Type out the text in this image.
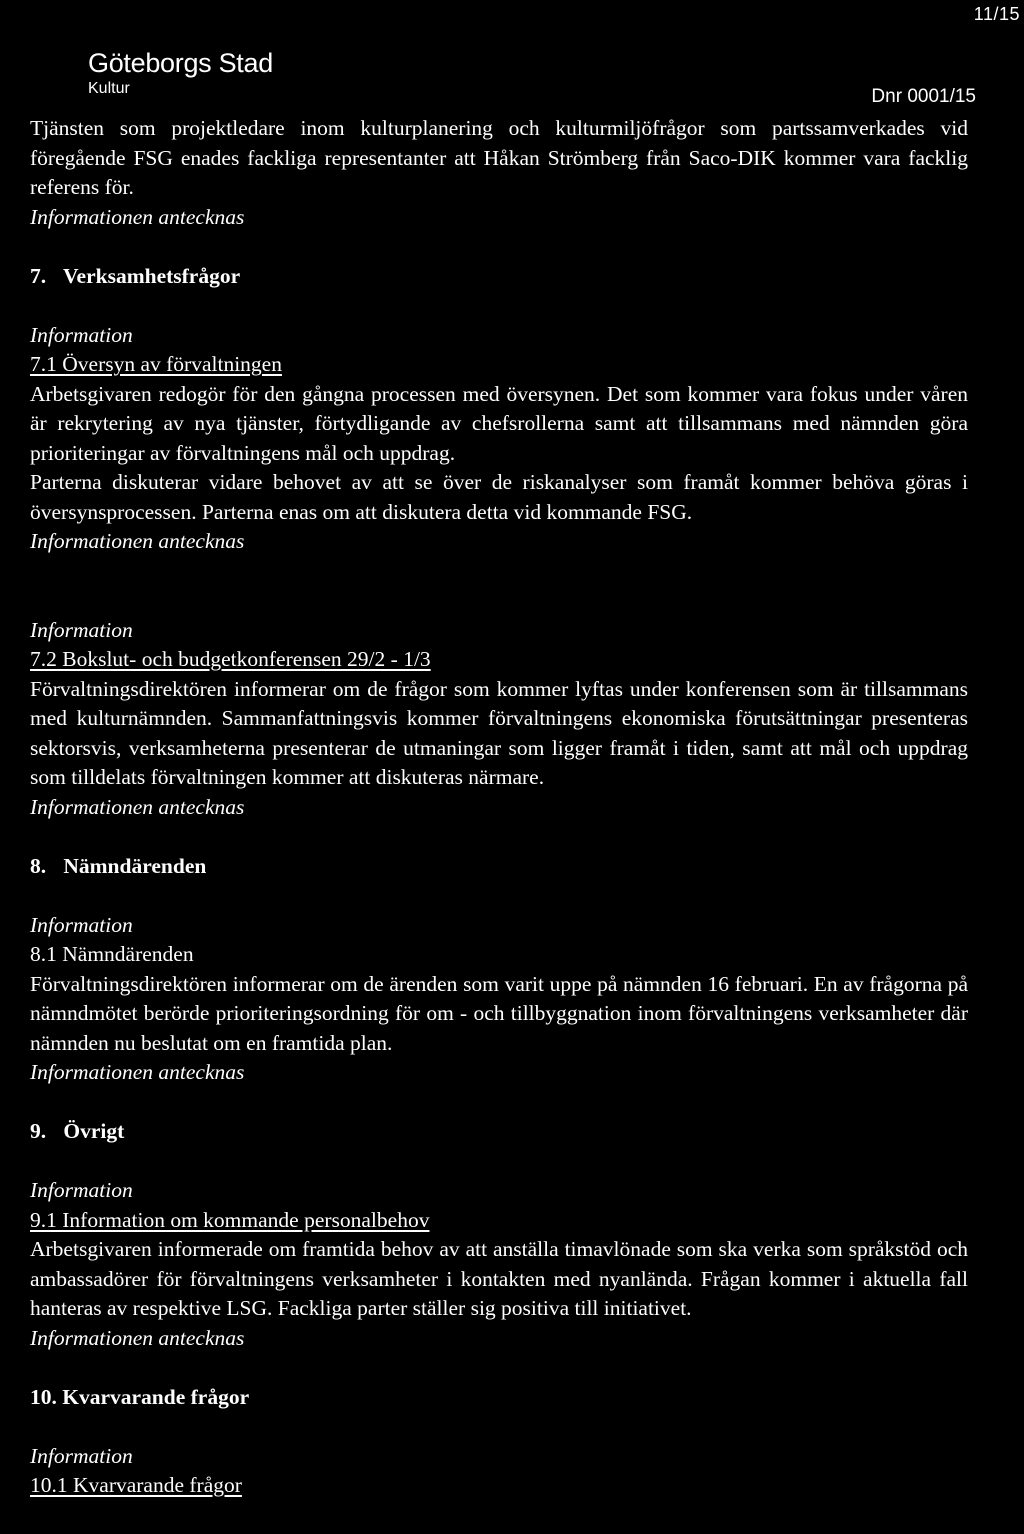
11/15
Göteborgs Stad
Kultur	Dnr 0001/15

Tjänsten som projektledare inom kulturplanering och kulturmiljöfrågor som partssamverkades vid föregående FSG enades fackliga representanter att Håkan Strömberg från Saco-DIK kommer vara facklig referens för.

Informationen antecknas
7. Verksamhetsfrågor
Information
7.1 Översyn av förvaltningen

Arbetsgivaren redogör för den gångna processen med översynen. Det som kommer vara fokus under våren är rekrytering av nya tjänster, förtydligande av chefsrollerna samt att tillsammans med nämnden göra prioriteringar av förvaltningens mål och uppdrag.

Parterna diskuterar vidare behovet av att se över de riskanalyser som framåt kommer behöva göras i översynsprocessen. Parterna enas om att diskutera detta vid kommande FSG.

Informationen antecknas
Information
7.2 Bokslut- och budgetkonferensen 29/2 - 1/3

Förvaltningsdirektören informerar om de frågor som kommer lyftas under konferensen som är tillsammans med kulturnämnden. Sammanfattningsvis kommer förvaltningens ekonomiska förutsättningar presenteras sektorsvis, verksamheterna presenterar de utmaningar som ligger framåt i tiden, samt att mål och uppdrag som tilldelats förvaltningen kommer att diskuteras närmare.

Informationen antecknas
8. Nämndärenden
Information
8.1 Nämndärenden

Förvaltningsdirektören informerar om de ärenden som varit uppe på nämnden 16 februari. En av frågorna på nämndmötet berörde prioriteringsordning för om - och tillbyggnation inom förvaltningens verksamheter där nämnden nu beslutat om en framtida plan.

Informationen antecknas
9. Övrigt
Information
9.1 Information om kommande personalbehov

Arbetsgivaren informerade om framtida behov av att anställa timavlönade som ska verka som språkstöd och ambassadörer för förvaltningens verksamheter i kontakten med nyanlända. Frågan kommer i aktuella fall hanteras av respektive LSG. Fackliga parter ställer sig positiva till initiativet.

Informationen antecknas
10. Kvarvarande frågor
Information
10.1 Kvarvarande frågor
